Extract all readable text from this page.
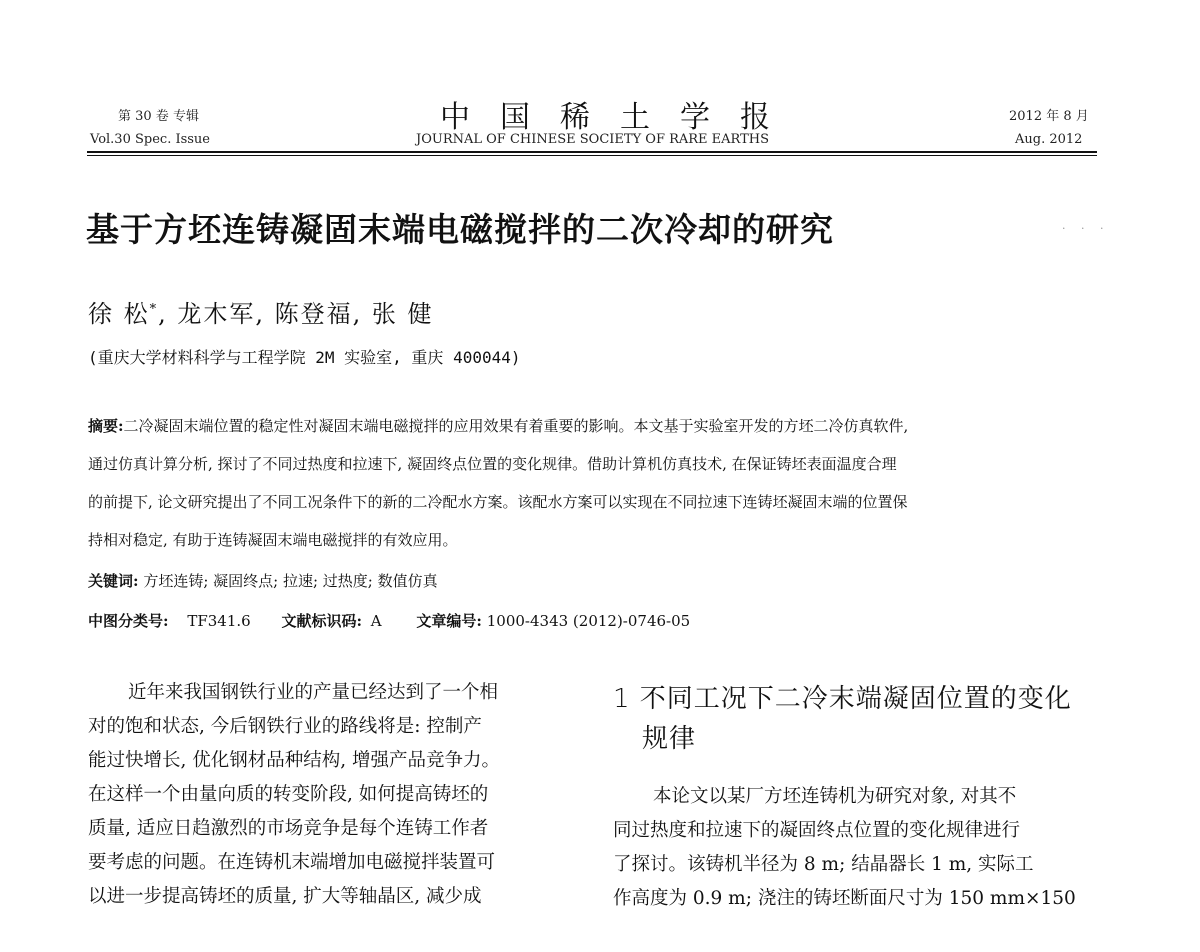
第 30 卷 专辑
Vol.30 Spec. Issue
中国稀土学报
JOURNAL OF CHINESE SOCIETY OF RARE EARTHS
2012 年 8 月
Aug. 2012
基于方坯连铸凝固末端电磁搅拌的二次冷却的研究	· · ·
徐 松*, 龙木军, 陈登福, 张 健
(重庆大学材料科学与工程学院 2M 实验室, 重庆 400044)
摘要:二冷凝固末端位置的稳定性对凝固末端电磁搅拌的应用效果有着重要的影响。本文基于实验室开发的方坯二冷仿真软件,
通过仿真计算分析, 探讨了不同过热度和拉速下, 凝固终点位置的变化规律。借助计算机仿真技术, 在保证铸坯表面温度合理
的前提下, 论文研究提出了不同工况条件下的新的二冷配水方案。该配水方案可以实现在不同拉速下连铸坯凝固末端的位置保
持相对稳定, 有助于连铸凝固末端电磁搅拌的有效应用。
关键词: 方坯连铸; 凝固终点; 拉速; 过热度; 数值仿真
中图分类号: TF341.6 文献标识码: A 文章编号: 1000-4343 (2012)-0746-05
近年来我国钢铁行业的产量已经达到了一个相
对的饱和状态, 今后钢铁行业的路线将是: 控制产
能过快增长, 优化钢材品种结构, 增强产品竞争力。
在这样一个由量向质的转变阶段, 如何提高铸坯的
质量, 适应日趋激烈的市场竞争是每个连铸工作者
要考虑的问题。在连铸机末端增加电磁搅拌装置可
以进一步提高铸坯的质量, 扩大等轴晶区, 减少成
1 不同工况下二冷末端凝固位置的变化
规律
本论文以某厂方坯连铸机为研究对象, 对其不
同过热度和拉速下的凝固终点位置的变化规律进行
了探讨。该铸机半径为 8 m; 结晶器长 1 m, 实际工
作高度为 0.9 m; 浇注的铸坯断面尺寸为 150 mm×150
